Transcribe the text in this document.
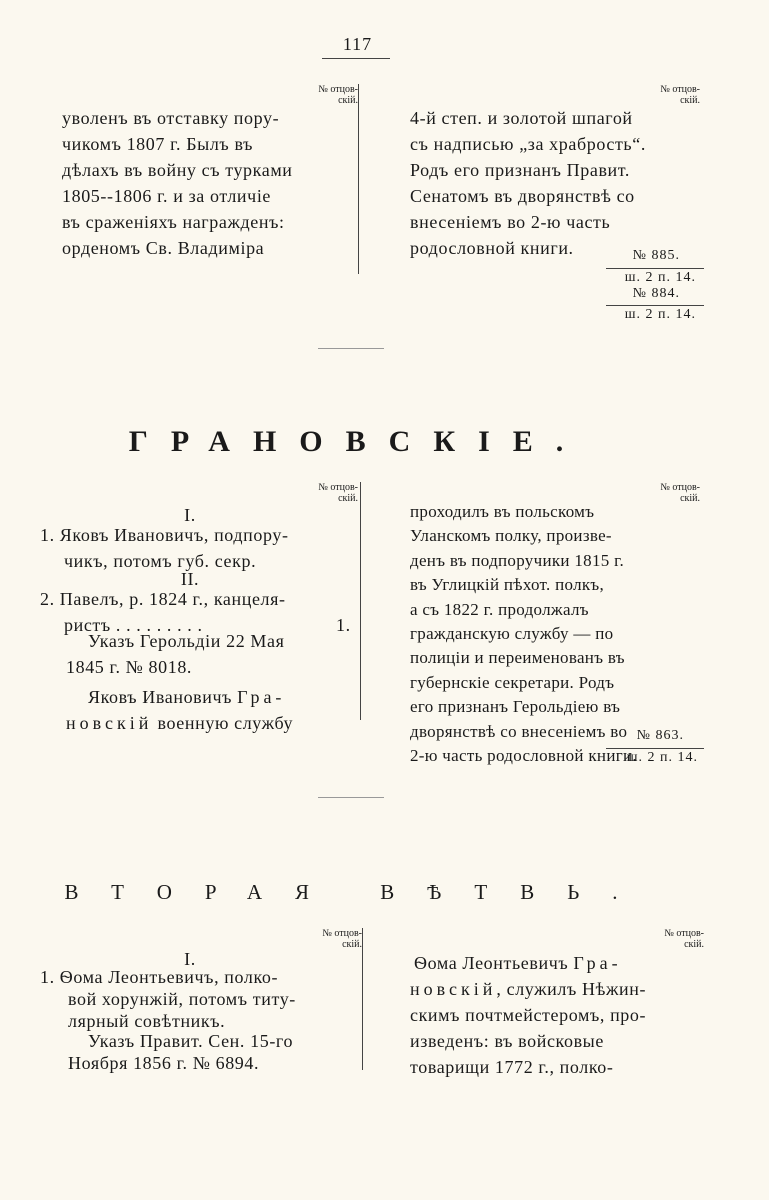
117
№ отцов-
скій.
№ отцов-
скій.
уволенъ въ отставку пору-
чикомъ 1807 г. Былъ въ
дѣлахъ въ войну съ турками
1805--1806 г. и за отличіе
въ сраженіяхъ награжденъ:
орденомъ Св. Владиміра
4-й степ. и золотой шпагой
съ надписью „за храбрость“.
Родъ его признанъ Правит.
Сенатомъ въ дворянствѣ со
внесеніемъ во 2-ю часть
родословной книги.	№ 885.
ш. 2 п. 14.
№ 884.
ш. 2 п. 14.
ГРАНОВСКІЕ.
№ отцов-
скій.
№ отцов-
скій.
I.
1. Яковъ Ивановичъ, подпору-
чикъ, потомъ губ. секр.
II.
2. Павелъ, р. 1824 г., канцеля-
ристъ . . . . . . . . .	1.
Указъ Герольдіи 22 Мая
1845 г. № 8018.
Яковъ Ивановичъ Гра-
новскій военную службу
проходилъ въ польскомъ
Уланскомъ полку, произве-
денъ въ подпоручики 1815 г.
въ Углицкій пѣхот. полкъ,
а съ 1822 г. продолжалъ
гражданскую службу — по
полиціи и переименованъ въ
губернскіе секретари. Родъ
его признанъ Герольдіею въ
дворянствѣ со внесеніемъ во
2-ю часть родословной книги.
№ 863.
ш. 2 п. 14.
ВТОРАЯ ВѢТВЬ.
№ отцов-
скій.
№ отцов-
скій.
I.
1. Ѳома Леонтьевичъ, полко-
вой хорунжій, потомъ титу-
лярный совѣтникъ.
Указъ Правит. Сен. 15-го
Ноября 1856 г. № 6894.
Ѳома Леонтьевичъ Гра-
новскій, служилъ Нѣжин-
скимъ почтмейстеромъ, про-
изведенъ: въ войсковые
товарищи 1772 г., полко-
